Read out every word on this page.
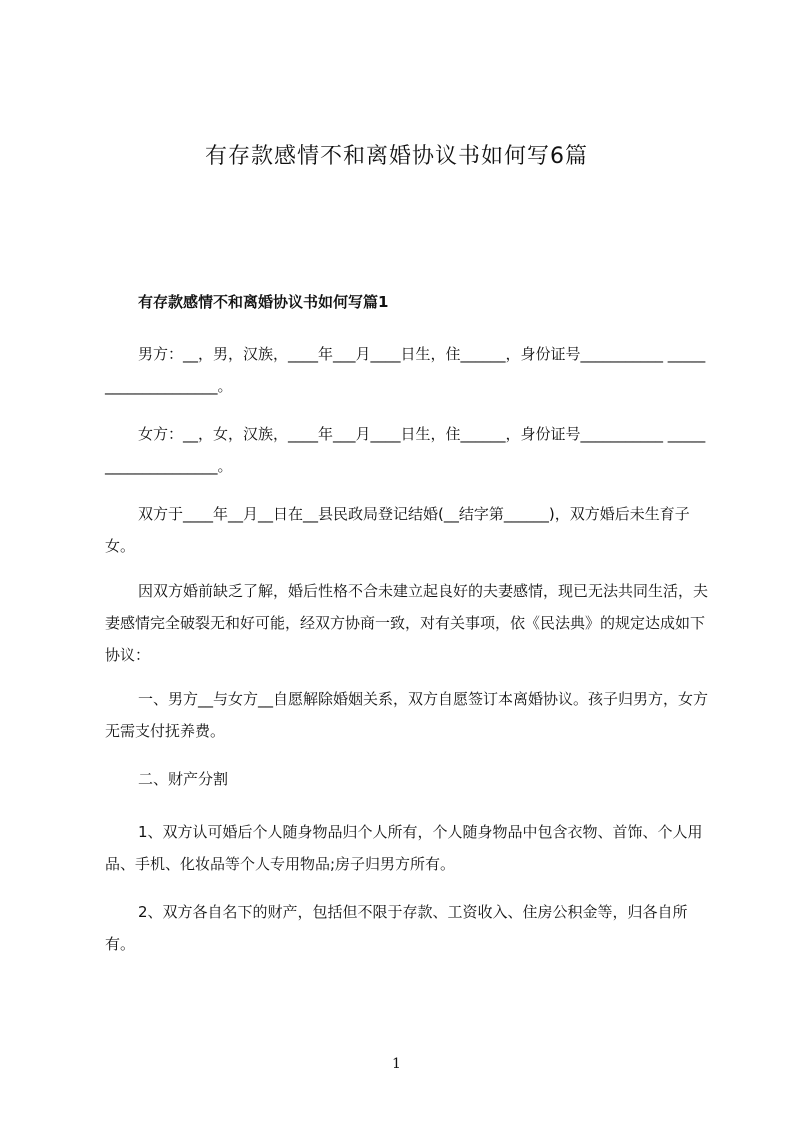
有存款感情不和离婚协议书如何写6篇
有存款感情不和离婚协议书如何写篇1
男方：__，男，汉族，____年___月____日生，住______，身份证号___________ ____________________。
女方：__，女，汉族，____年___月____日生，住______，身份证号___________ ____________________。
双方于____年__月__日在__县民政局登记结婚(__结字第______)，双方婚后未生育子女。
因双方婚前缺乏了解，婚后性格不合未建立起良好的夫妻感情，现已无法共同生活，夫妻感情完全破裂无和好可能，经双方协商一致，对有关事项，依《民法典》的规定达成如下协议：
一、男方__与女方__自愿解除婚姻关系，双方自愿签订本离婚协议。孩子归男方，女方无需支付抚养费。
二、财产分割
1、双方认可婚后个人随身物品归个人所有，个人随身物品中包含衣物、首饰、个人用品、手机、化妆品等个人专用物品;房子归男方所有。
2、双方各自名下的财产，包括但不限于存款、工资收入、住房公积金等，归各自所有。
1
